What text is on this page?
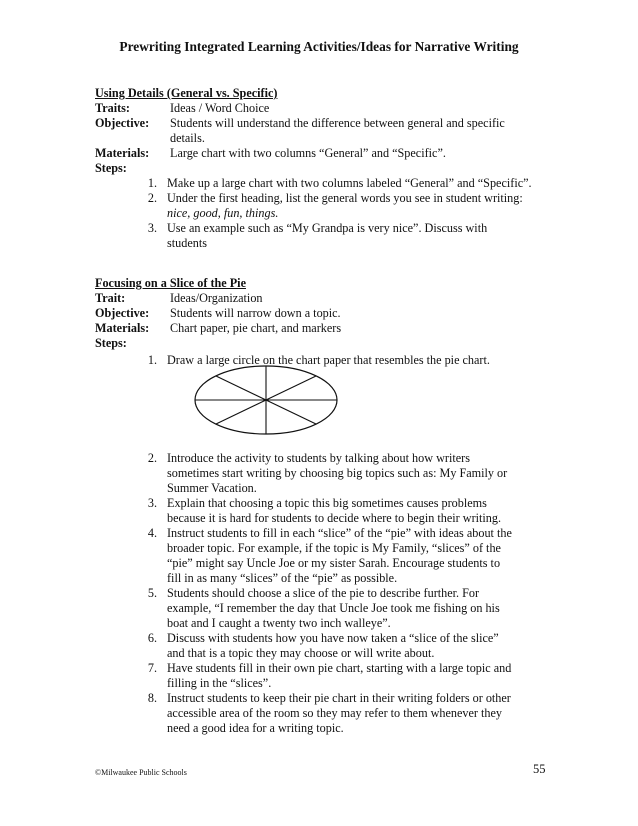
Prewriting Integrated Learning Activities/Ideas for Narrative Writing
Using Details (General vs. Specific)
Traits:	Ideas / Word Choice
Objective:	Students will understand the difference between general and specific
details.
Materials:	Large chart with two columns “General” and “Specific”.
Steps:
1. Make up a large chart with two columns labeled “General” and “Specific”.
2. Under the first heading, list the general words you see in student writing:
nice, good, fun, things.
3. Use an example such as “My Grandpa is very nice”. Discuss with
students
Focusing on a Slice of the Pie
Trait:	Ideas/Organization
Objective:	Students will narrow down a topic.
Materials:	Chart paper, pie chart, and markers
Steps:
1. Draw a large circle on the chart paper that resembles the pie chart.
2. Introduce the activity to students by talking about how writers
sometimes start writing by choosing big topics such as: My Family or
Summer Vacation.
3. Explain that choosing a topic this big sometimes causes problems
because it is hard for students to decide where to begin their writing.
4. Instruct students to fill in each “slice” of the “pie” with ideas about the
broader topic. For example, if the topic is My Family, “slices” of the
“pie” might say Uncle Joe or my sister Sarah. Encourage students to
fill in as many “slices” of the “pie” as possible.
5. Students should choose a slice of the pie to describe further. For
example, “I remember the day that Uncle Joe took me fishing on his
boat and I caught a twenty two inch walleye”.
6. Discuss with students how you have now taken a “slice of the slice”
and that is a topic they may choose or will write about.
7. Have students fill in their own pie chart, starting with a large topic and
filling in the “slices”.
8. Instruct students to keep their pie chart in their writing folders or other
accessible area of the room so they may refer to them whenever they
need a good idea for a writing topic.
©Milwaukee Public Schools	55
